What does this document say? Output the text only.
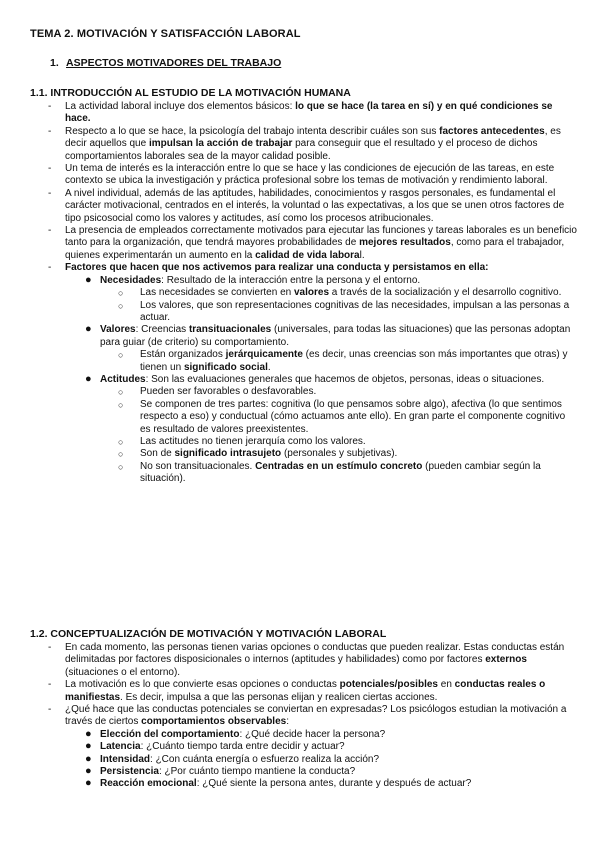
TEMA 2. MOTIVACIÓN Y SATISFACCIÓN LABORAL
1. ASPECTOS MOTIVADORES DEL TRABAJO
1.1. INTRODUCCIÓN AL ESTUDIO DE LA MOTIVACIÓN HUMANA
- La actividad laboral incluye dos elementos básicos: lo que se hace (la tarea en sí) y en qué condiciones se hace.
- Respecto a lo que se hace, la psicología del trabajo intenta describir cuáles son sus factores antecedentes, es decir aquellos que impulsan la acción de trabajar para conseguir que el resultado y el proceso de dichos comportamientos laborales sea de la mayor calidad posible.
- Un tema de interés es la interacción entre lo que se hace y las condiciones de ejecución de las tareas, en este contexto se ubica la investigación y práctica profesional sobre los temas de motivación y rendimiento laboral.
- A nivel individual, además de las aptitudes, habilidades, conocimientos y rasgos personales, es fundamental el carácter motivacional, centrados en el interés, la voluntad o las expectativas, a los que se unen otros factores de tipo psicosocial como los valores y actitudes, así como los procesos atribucionales.
- La presencia de empleados correctamente motivados para ejecutar las funciones y tareas laborales es un beneficio tanto para la organización, que tendrá mayores probabilidades de mejores resultados, como para el trabajador, quienes experimentarán un aumento en la calidad de vida laboral.
- Factores que hacen que nos activemos para realizar una conducta y persistamos en ella:
● Necesidades: Resultado de la interacción entre la persona y el entorno.
○ Las necesidades se convierten en valores a través de la socialización y el desarrollo cognitivo.
○ Los valores, que son representaciones cognitivas de las necesidades, impulsan a las personas a actuar.
● Valores: Creencias transituacionales (universales, para todas las situaciones) que las personas adoptan para guiar (de criterio) su comportamiento.
○ Están organizados jerárquicamente (es decir, unas creencias son más importantes que otras) y tienen un significado social.
● Actitudes: Son las evaluaciones generales que hacemos de objetos, personas, ideas o situaciones.
○ Pueden ser favorables o desfavorables.
○ Se componen de tres partes: cognitiva (lo que pensamos sobre algo), afectiva (lo que sentimos respecto a eso) y conductual (cómo actuamos ante ello). En gran parte el componente cognitivo es resultado de valores preexistentes.
○ Las actitudes no tienen jerarquía como los valores.
○ Son de significado intrasujeto (personales y subjetivas).
○ No son transituacionales. Centradas en un estímulo concreto (pueden cambiar según la situación).
1.2. CONCEPTUALIZACIÓN DE MOTIVACIÓN Y MOTIVACIÓN LABORAL
- En cada momento, las personas tienen varias opciones o conductas que pueden realizar. Estas conductas están delimitadas por factores disposicionales o internos (aptitudes y habilidades) como por factores externos (situaciones o el entorno).
- La motivación es lo que convierte esas opciones o conductas potenciales/posibles en conductas reales o manifiestas. Es decir, impulsa a que las personas elijan y realicen ciertas acciones.
- ¿Qué hace que las conductas potenciales se conviertan en expresadas? Los psicólogos estudian la motivación a través de ciertos comportamientos observables:
● Elección del comportamiento: ¿Qué decide hacer la persona?
● Latencia: ¿Cuánto tiempo tarda entre decidir y actuar?
● Intensidad: ¿Con cuánta energía o esfuerzo realiza la acción?
● Persistencia: ¿Por cuánto tiempo mantiene la conducta?
● Reacción emocional: ¿Qué siente la persona antes, durante y después de actuar?
